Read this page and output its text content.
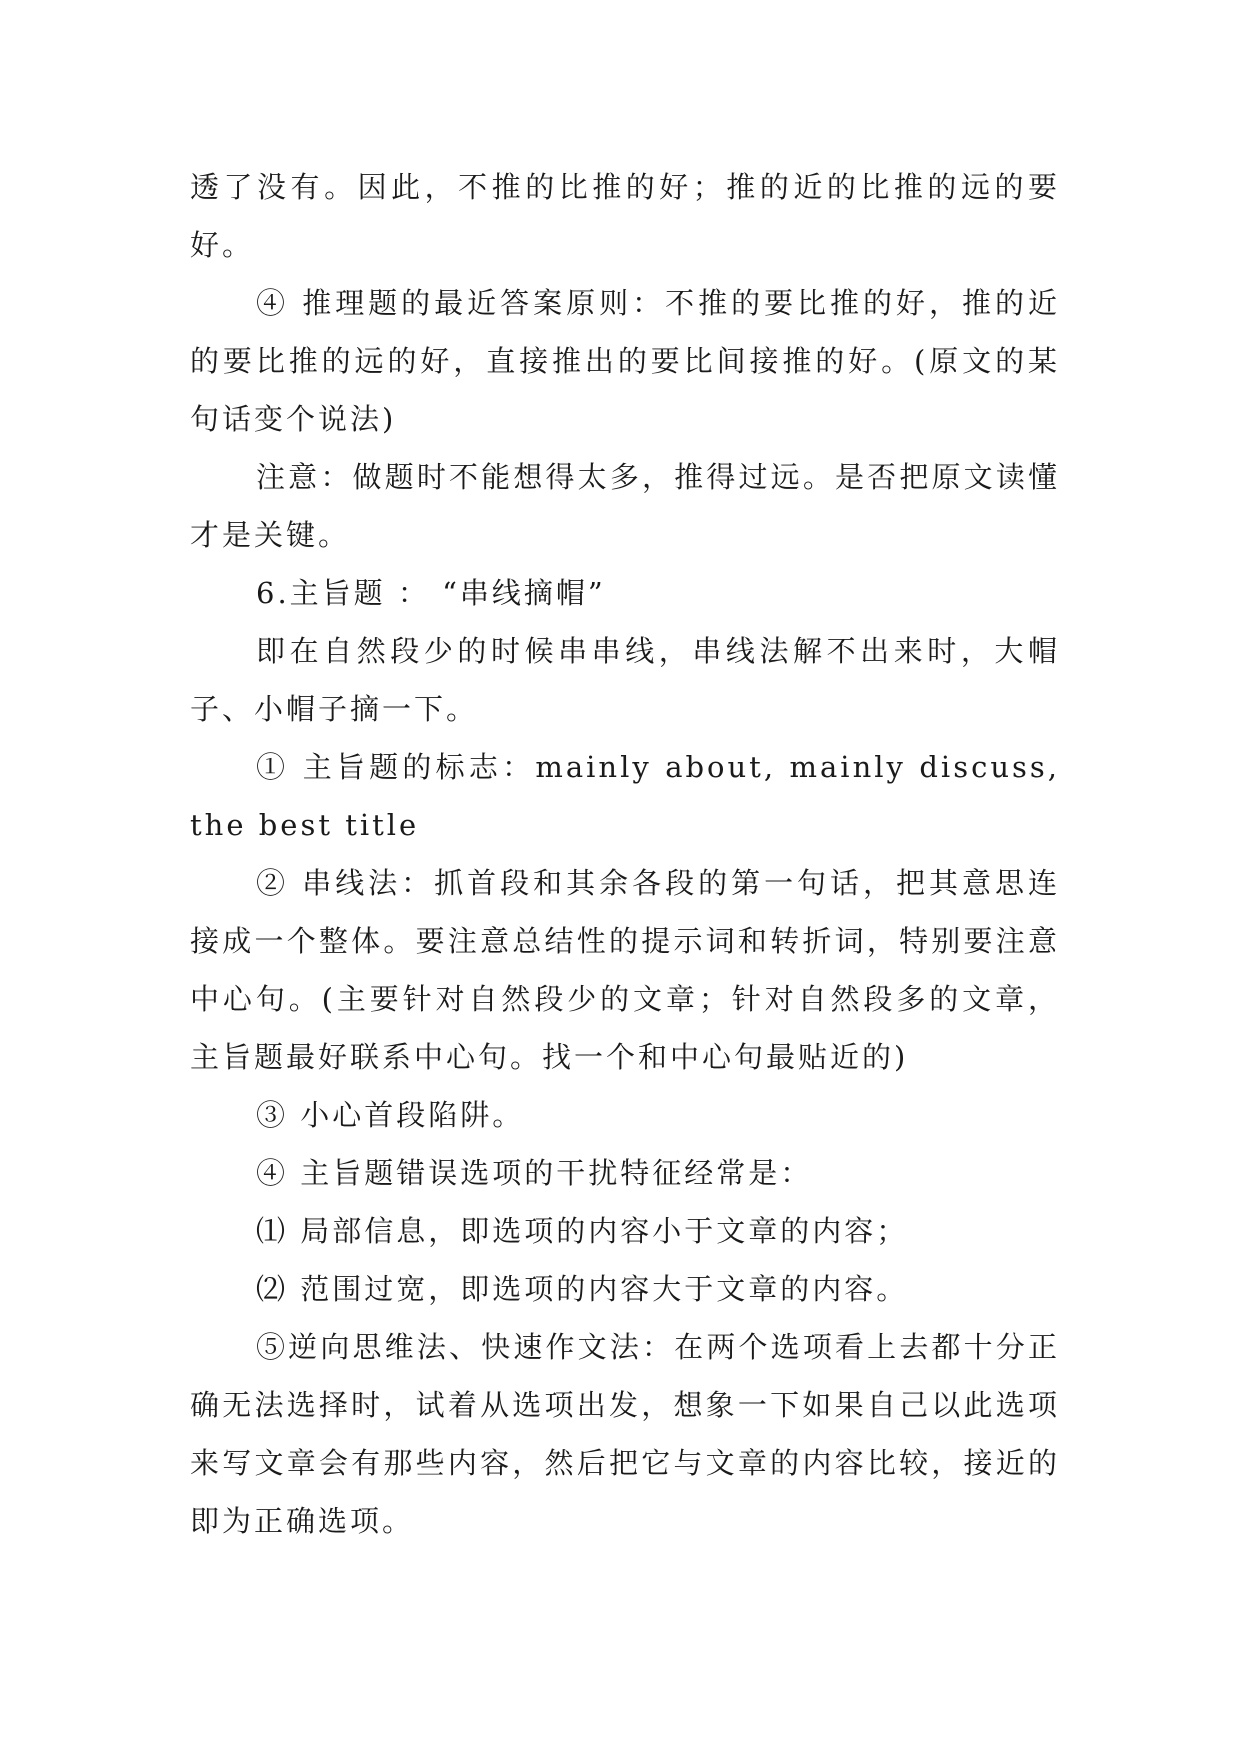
透了没有。因此，不推的比推的好；推的近的比推的远的要好。

④ 推理题的最近答案原则：不推的要比推的好，推的近的要比推的远的好，直接推出的要比间接推的好。(原文的某句话变个说法)

注意：做题时不能想得太多，推得过远。是否把原文读懂才是关键。

6.主旨题 ： “串线摘帽”

即在自然段少的时候串串线，串线法解不出来时，大帽子、小帽子摘一下。

① 主旨题的标志：mainly about, mainly discuss, the best title

② 串线法：抓首段和其余各段的第一句话，把其意思连接成一个整体。要注意总结性的提示词和转折词，特别要注意中心句。(主要针对自然段少的文章；针对自然段多的文章，主旨题最好联系中心句。找一个和中心句最贴近的)

③ 小心首段陷阱。

④ 主旨题错误选项的干扰特征经常是：

⑴ 局部信息，即选项的内容小于文章的内容；

⑵ 范围过宽，即选项的内容大于文章的内容。

⑤逆向思维法、快速作文法：在两个选项看上去都十分正确无法选择时，试着从选项出发，想象一下如果自己以此选项来写文章会有那些内容，然后把它与文章的内容比较，接近的即为正确选项。
